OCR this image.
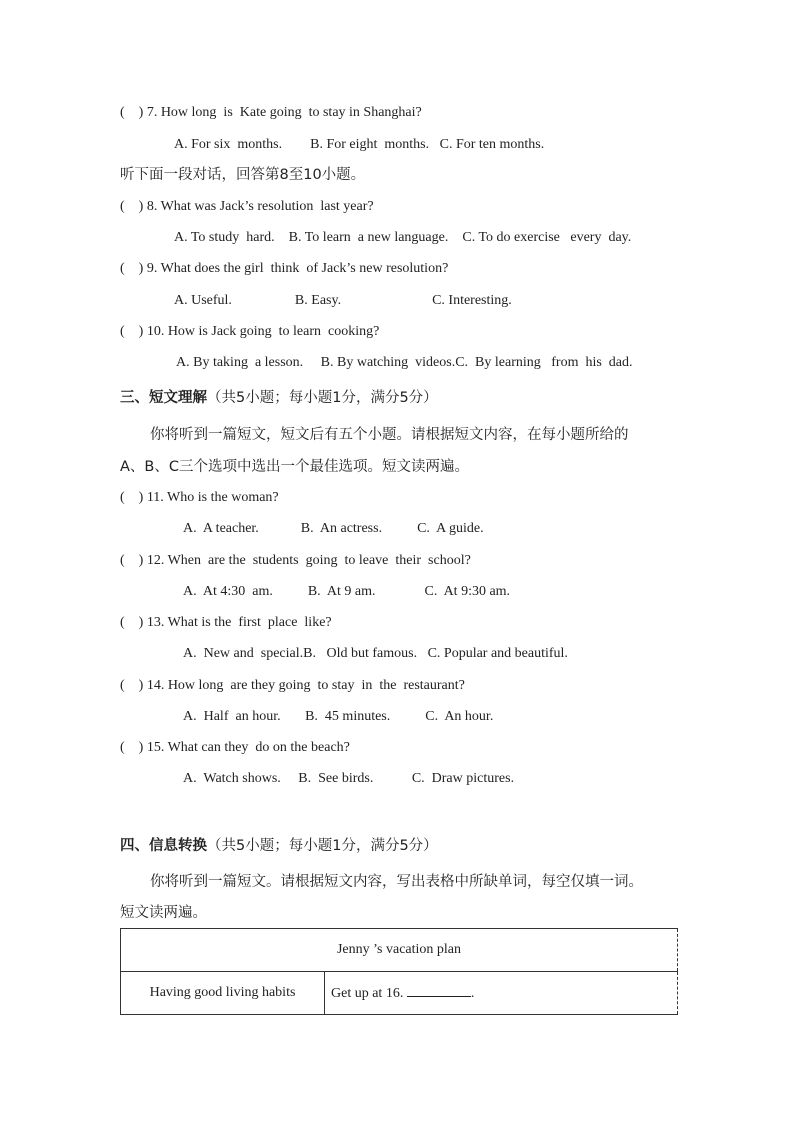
(    ) 7. How long  is  Kate going  to stay in Shanghai?
A. For six  months.        B. For eight  months.   C. For ten months.
听下面一段对话，回答第8至10小题。
(    ) 8. What was Jack’s resolution  last year?
A. To study  hard.    B. To learn  a new language.    C. To do exercise   every  day.
(    ) 9. What does the girl  think  of Jack’s new resolution?
A. Useful.                  B. Easy.                          C. Interesting.
(    ) 10. How is Jack going  to learn  cooking?
A. By taking  a lesson.     B. By watching  videos.C.  By learning   from  his  dad.
三、短文理解（共5小题；每小题1分，满分5分）
你将听到一篇短文，短文后有五个小题。请根据短文内容，在每小题所给的
A、B、C三个选项中选出一个最佳选项。短文读两遍。
(    ) 11. Who is the woman?
A.  A teacher.            B.  An actress.          C.  A guide.
(    ) 12. When  are the  students  going  to leave  their  school?
A.  At 4:30  am.          B.  At 9 am.              C.  At 9:30 am.
(    ) 13. What is the  first  place  like?
A.  New and  special.B.   Old but famous.   C. Popular and beautiful.
(    ) 14. How long  are they going  to stay  in  the  restaurant?
A.  Half  an hour.       B.  45 minutes.          C.  An hour.
(    ) 15. What can they  do on the beach?
A.  Watch shows.     B.  See birds.           C.  Draw pictures.
四、信息转换（共5小题；每小题1分，满分5分）
你将听到一篇短文。请根据短文内容，写出表格中所缺单词，每空仅填一词。
短文读两遍。
Jenny ’s vacation plan
Having good living habits	Get up at 16.	.
